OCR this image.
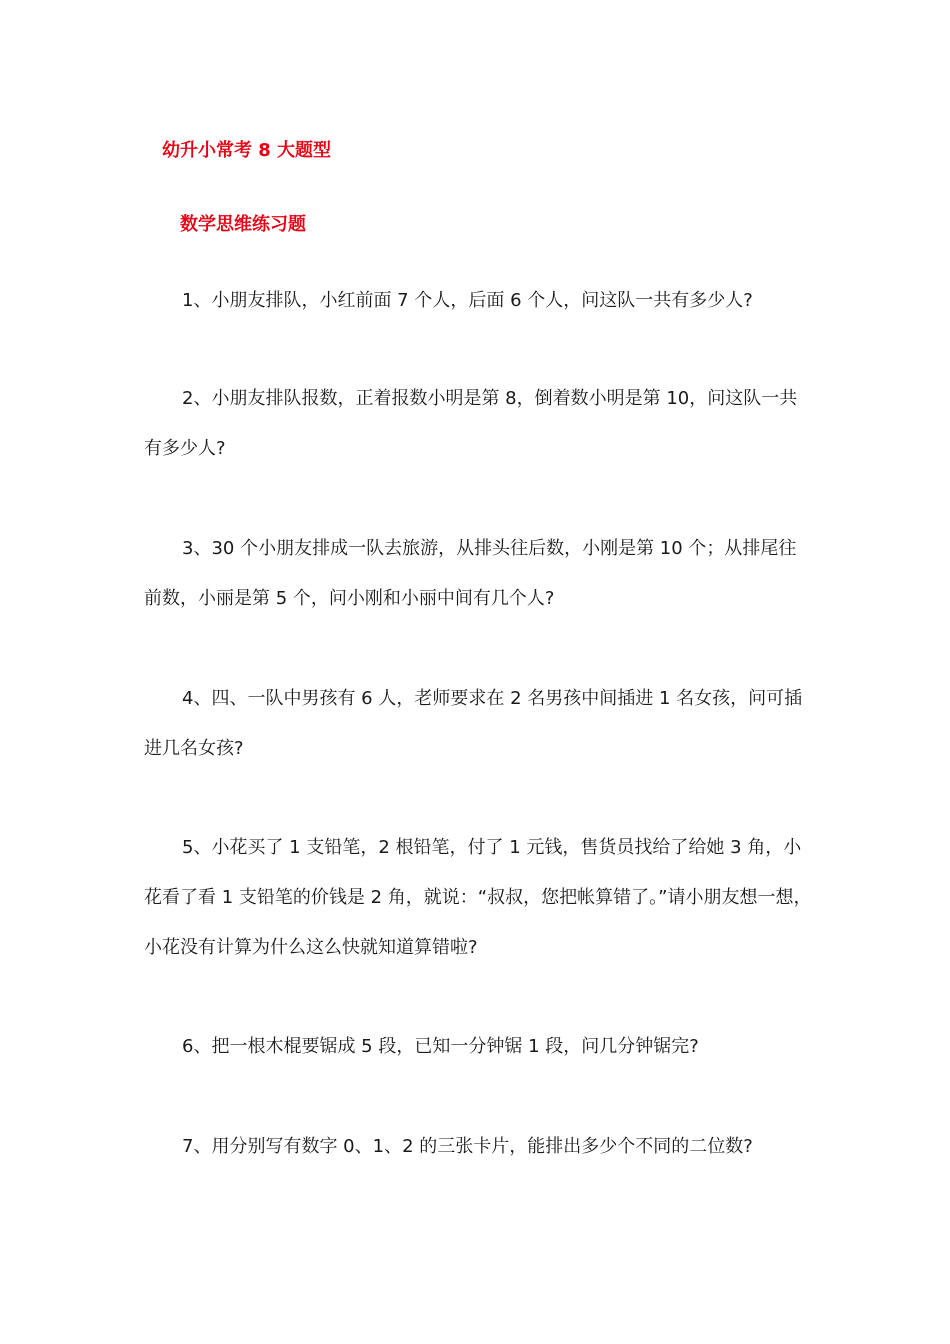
幼升小常考 8 大题型
数学思维练习题

1、小朋友排队，小红前面 7 个人，后面 6 个人，问这队一共有多少人?

2、小朋友排队报数，正着报数小明是第 8，倒着数小明是第 10，问这队一共有多少人?

3、30 个小朋友排成一队去旅游，从排头往后数，小刚是第 10 个；从排尾往前数，小丽是第 5 个，问小刚和小丽中间有几个人?

4、四、一队中男孩有 6 人，老师要求在 2 名男孩中间插进 1 名女孩，问可插进几名女孩?

5、小花买了 1 支铅笔，2 根铅笔，付了 1 元钱，售货员找给了给她 3 角，小花看了看 1 支铅笔的价钱是 2 角，就说：“叔叔，您把帐算错了。”请小朋友想一想，小花没有计算为什么这么快就知道算错啦?

6、把一根木棍要锯成 5 段，已知一分钟锯 1 段，问几分钟锯完?

7、用分别写有数字 0、1、2 的三张卡片，能排出多少个不同的二位数?
